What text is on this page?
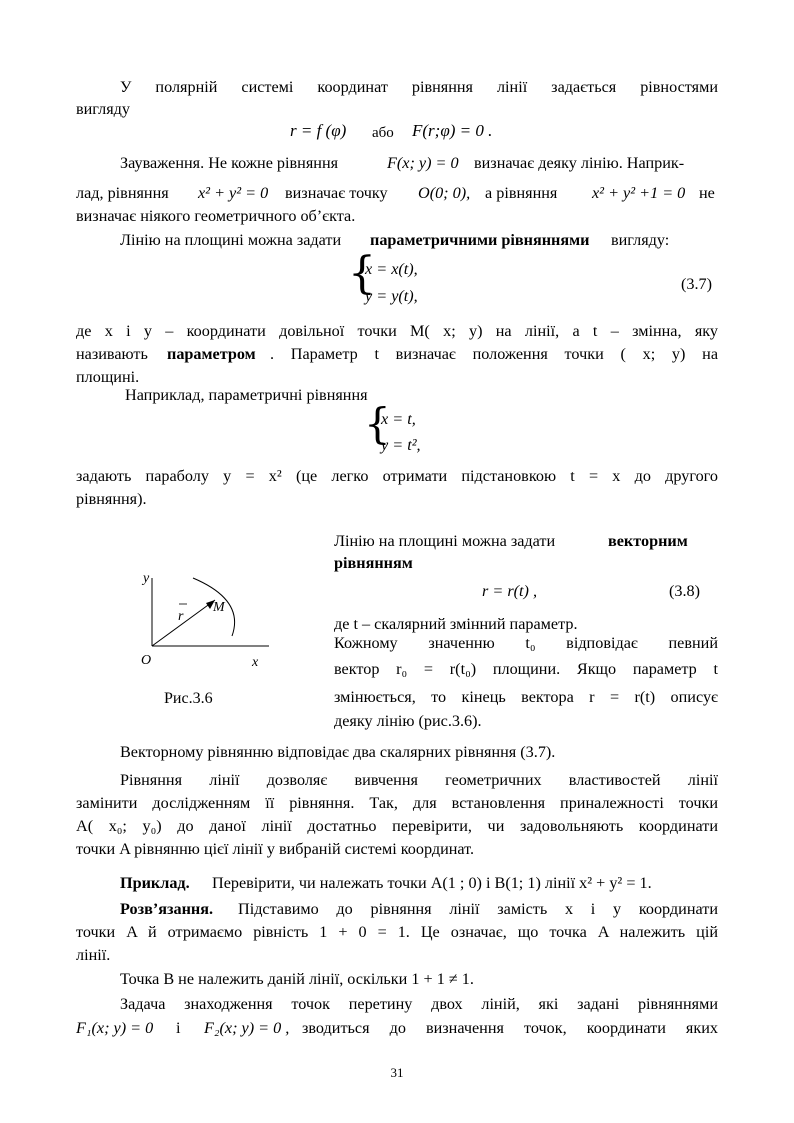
У полярній системі координат рівняння лінії задається рівностями
вигляду
r = f (φ) або F(r;φ) = 0 .
Зауваження. Не кожне рівняння	F(x; y) = 0 визначає деяку лінію. Наприк-
лад, рівняння x² + y² = 0 визначає точку O(0; 0), а рівняння x² + y² +1 = 0 не
визначає ніякого геометричного об’єкта.
Лінію на площині можна задати параметричними рівняннями вигляду:
{
x = x(t),
y = y(t),
(3.7)
де x і y – координати довільної точки M( x; y) на лінії, а t – змінна, яку
називають параметром . Параметр t визначає положення точки ( x; y) на
площині.
Наприклад, параметричні рівняння
{
x = t,
y = t²,
задають параболу y = x² (це легко отримати підстановкою t = x до другого
рівняння).
Лінію на площині можна задати	векторним
рівнянням
r = r(t) ,	(3.8)
де t – скалярний змінний параметр.
Кожному значенню t₀ відповідає певний
вектор r₀ = r(t₀) площини. Якщо параметр t
змінюється, то кінець вектора r = r(t) описує
деяку лінію (рис.3.6).
y
x
O
M
r
Рис.3.6
Векторному рівнянню відповідає два скалярних рівняння (3.7).
Рівняння лінії дозволяє вивчення геометричних властивостей лінії
замінити дослідженням її рівняння. Так, для встановлення приналежності точки
A( x₀; y₀) до даної лінії достатньо перевірити, чи задовольняють координати
точки A рівнянню цієї лінії у вибраній системі координат.
Приклад. Перевірити, чи належать точки A(1 ; 0) і B(1; 1) лінії x² + y² = 1.
Розв’язання. Підставимо до рівняння лінії замість x і y координати
точки A й отримаємо рівність 1 + 0 = 1. Це означає, що точка A належить цій
лінії.
Точка B не належить даній лінії, оскільки 1 + 1 ≠ 1.
Задача знаходження точок перетину двох ліній, які задані рівняннями
F₁(x; y) = 0 і F₂(x; y) = 0 , зводиться до визначення точок, координати яких
31
